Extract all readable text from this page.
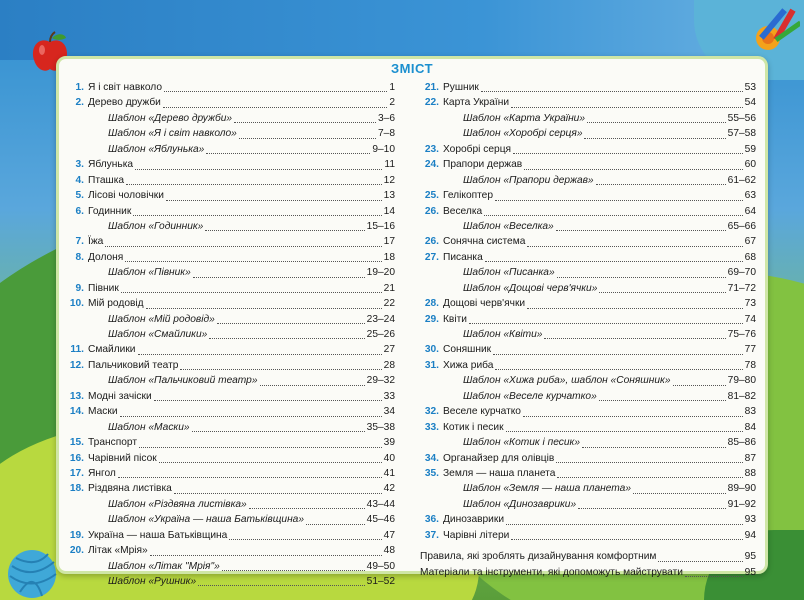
ЗМІСТ
1. Я і світ навколо	1
2. Дерево дружби	2
Шаблон «Дерево дружби»	3–6
Шаблон «Я і світ навколо»	7–8
Шаблон «Яблунька»	9–10
3. Яблунька	11
4. Пташка	12
5. Лісові чоловічки	13
6. Годинник	14
Шаблон «Годинник»	15–16
7. Їжа	17
8. Долоня	18
Шаблон «Півник»	19–20
9. Півник	21
10. Мій родовід	22
Шаблон «Мій родовід»	23–24
Шаблон «Смайлики»	25–26
11. Смайлики	27
12. Пальчиковий театр	28
Шаблон «Пальчиковий театр»	29–32
13. Модні зачіски	33
14. Маски	34
Шаблон «Маски»	35–38
15. Транспорт	39
16. Чарівний пісок	40
17. Янгол	41
18. Різдвяна листівка	42
Шаблон «Різдвяна листівка»	43–44
Шаблон «Україна — наша Батьківщина»	45–46
19. Україна — наша Батьківщина	47
20. Літак «Мрія»	48
Шаблон «Літак "Мрія"»	49–50
Шаблон «Рушник»	51–52
21. Рушник	53
22. Карта України	54
Шаблон «Карта України»	55–56
Шаблон «Хоробрі серця»	57–58
23. Хоробрі серця	59
24. Прапори держав	60
Шаблон «Прапори держав»	61–62
25. Гелікоптер	63
26. Веселка	64
Шаблон «Веселка»	65–66
26. Сонячна система	67
27. Писанка	68
Шаблон «Писанка»	69–70
Шаблон «Дощові черв'ячки»	71–72
28. Дощові черв'ячки	73
29. Квіти	74
Шаблон «Квіти»	75–76
30. Соняшник	77
31. Хижа риба	78
Шаблон «Хижа риба», шаблон «Соняшник»	79–80
Шаблон «Веселе курчатко»	81–82
32. Веселе курчатко	83
33. Котик і песик	84
Шаблон «Котик і песик»	85–86
34. Органайзер для олівців	87
35. Земля — наша планета	88
Шаблон «Земля — наша планета»	89–90
Шаблон «Динозаврики»	91–92
36. Динозаврики	93
37. Чарівні літери	94
Правила, які зроблять дизайнування комфортним	95
Матеріали та інструменти, які допоможуть майструвати	95
